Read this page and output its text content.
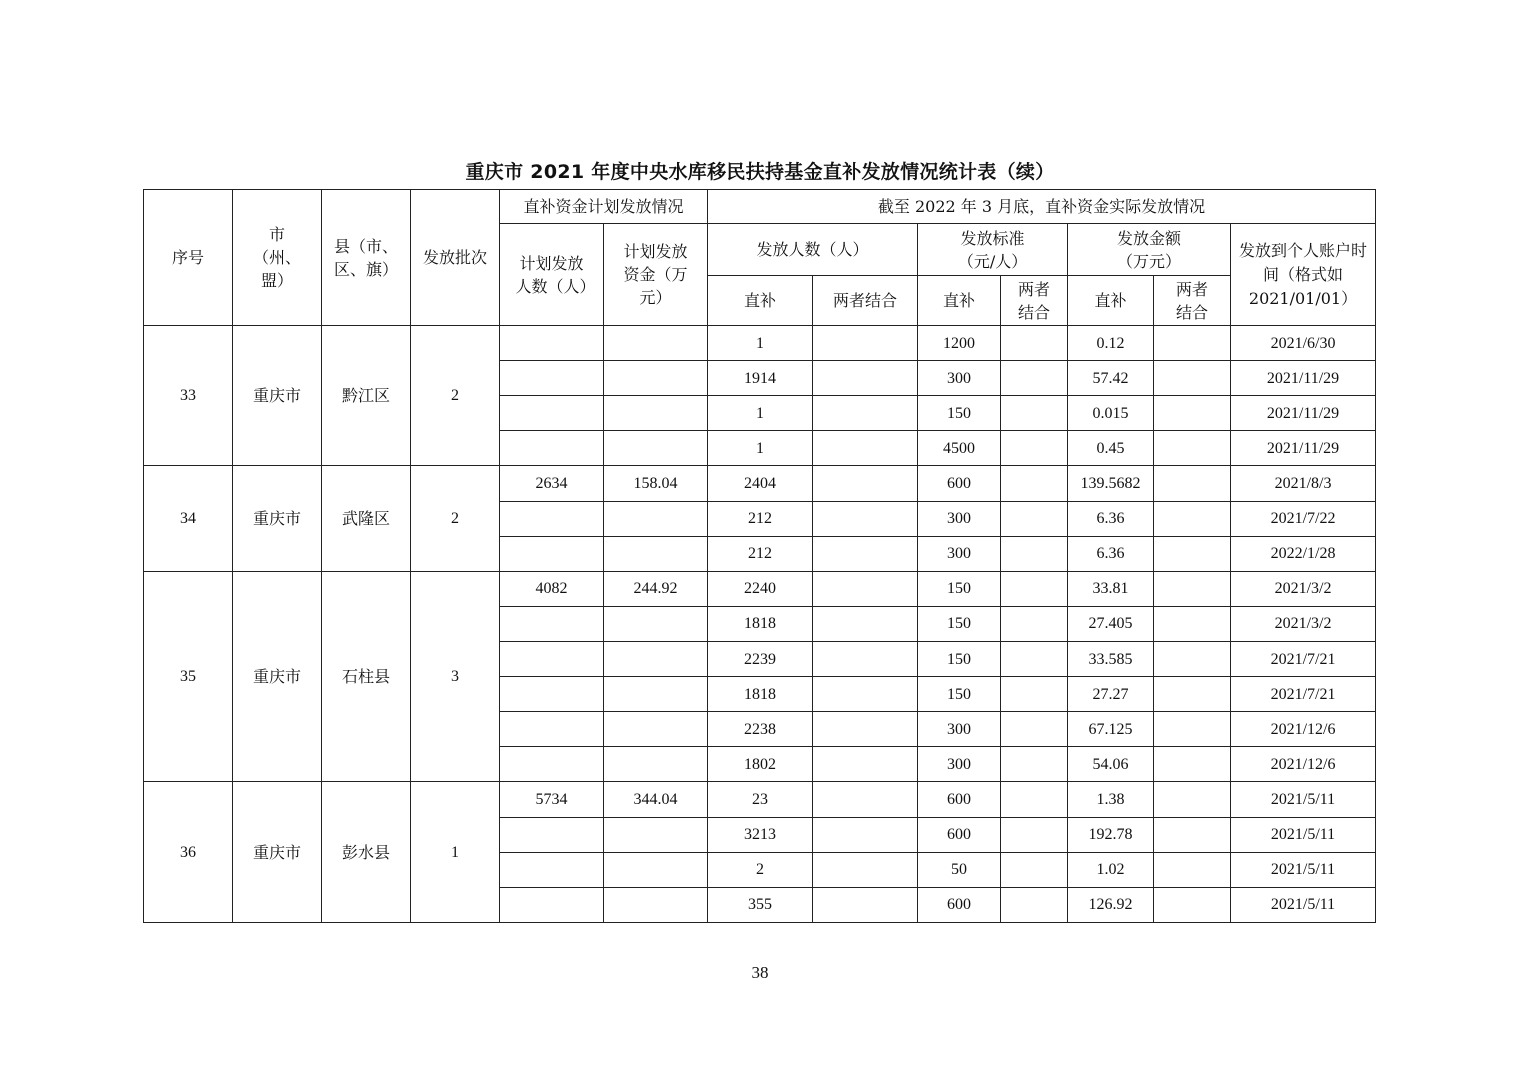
重庆市 2021 年度中央水库移民扶持基金直补发放情况统计表（续）
序号	市（州、盟）	县（市、区、旗）	发放批次	直补资金计划发放情况		截至 2022 年 3 月底，直补资金实际发放情况						

				计划发放人数（人）	计划发放资金（万元）	发放人数（人）		发放标准（元/人）		发放金额（万元）		发放到个人账户时间（格式如2021/01/01）

						直补	两者结合	直补	两者结合	直补	两者结合	

33	重庆市	黔江区	2			1		1200		0.12		2021/6/30
						1914		300		57.42		2021/11/29
						1		150		0.015		2021/11/29
						1		4500		0.45		2021/11/29
34	重庆市	武隆区	2	2634	158.04	2404		600		139.5682		2021/8/3
						212		300		6.36		2021/7/22
						212		300		6.36		2022/1/28
35	重庆市	石柱县	3	4082	244.92	2240		150		33.81		2021/3/2
						1818		150		27.405		2021/3/2
						2239		150		33.585		2021/7/21
						1818		150		27.27		2021/7/21
						2238		300		67.125		2021/12/6
						1802		300		54.06		2021/12/6
36	重庆市	彭水县	1	5734	344.04	23		600		1.38		2021/5/11
						3213		600		192.78		2021/5/11
						2		50		1.02		2021/5/11
						355		600		126.92		2021/5/11
38
